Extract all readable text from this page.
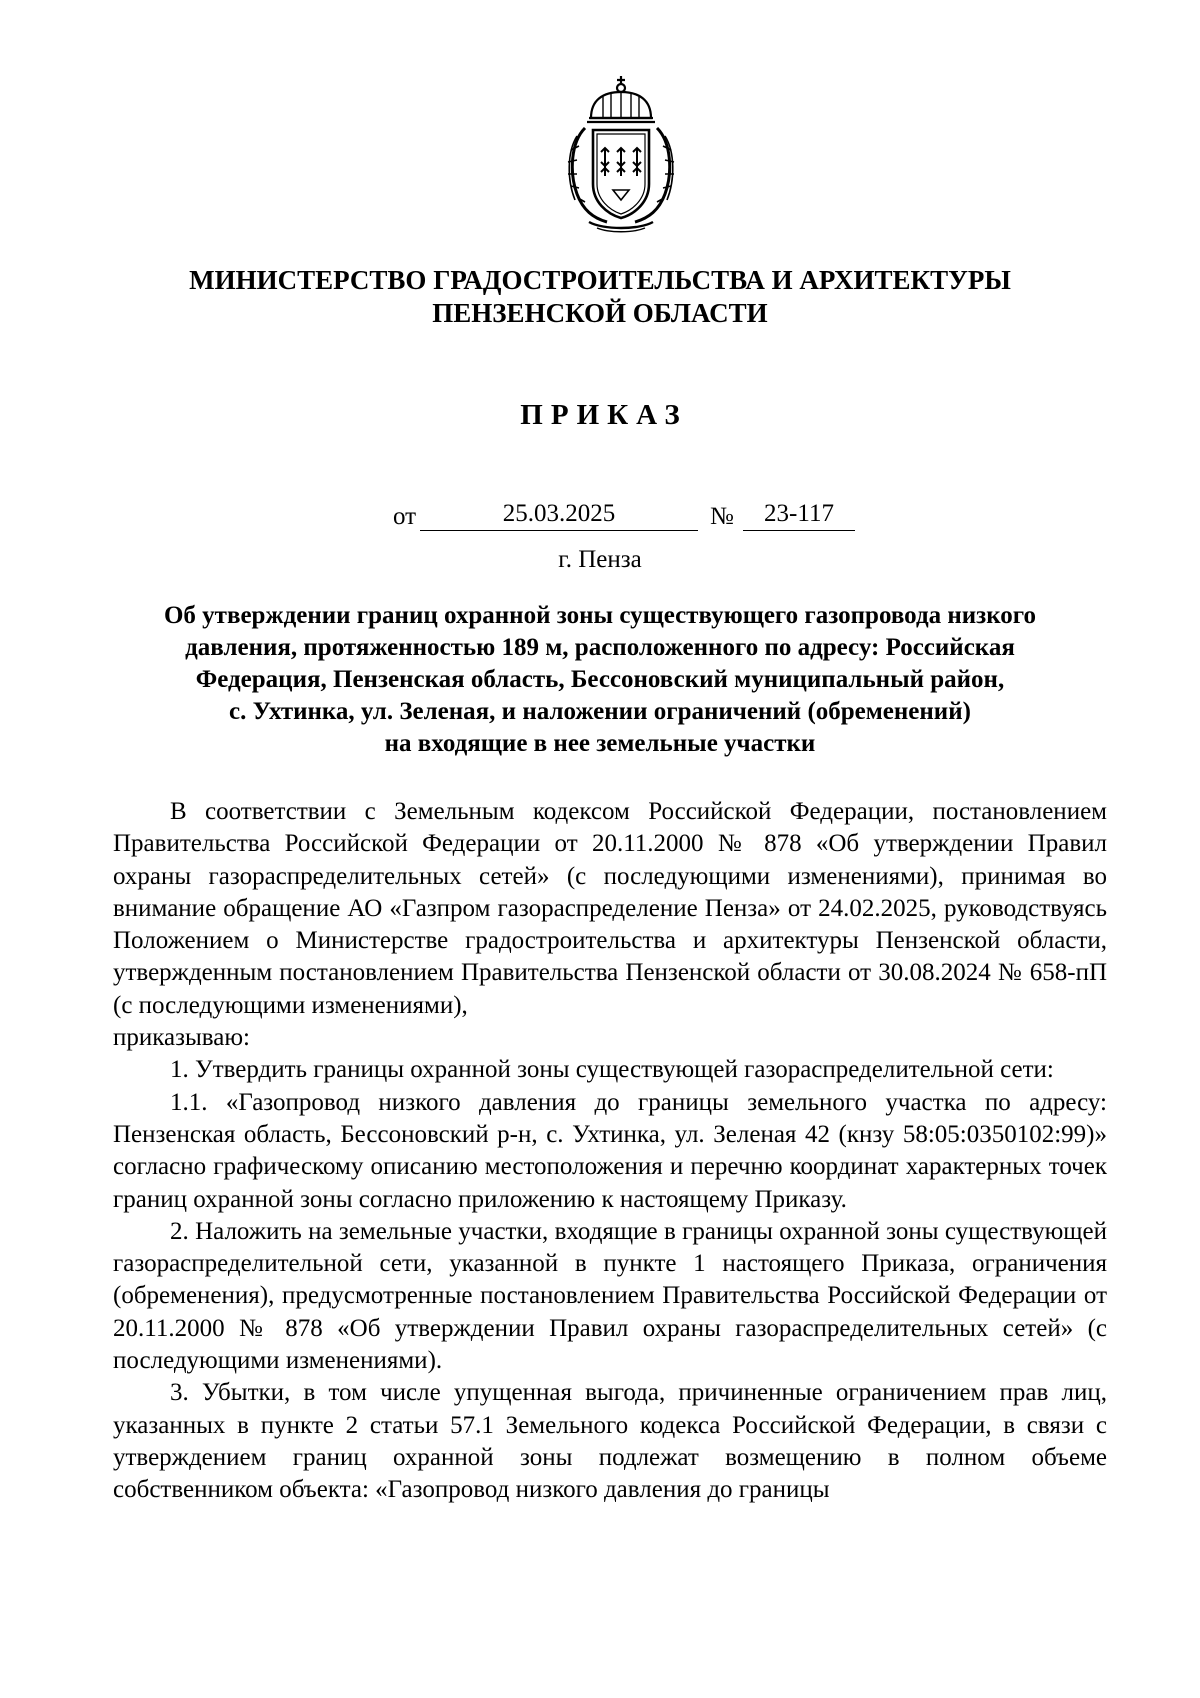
МИНИСТЕРСТВО ГРАДОСТРОИТЕЛЬСТВА И АРХИТЕКТУРЫ
ПЕНЗЕНСКОЙ ОБЛАСТИ
ПРИКАЗ
от	25.03.2025	№	23-117
г. Пенза
Об утверждении границ охранной зоны существующего газопровода низкого
давления, протяженностью 189 м, расположенного по адресу: Российская
Федерация, Пензенская область, Бессоновский муниципальный район,
с. Ухтинка, ул. Зеленая, и наложении ограничений (обременений)
на входящие в нее земельные участки

В соответствии с Земельным кодексом Российской Федерации, постановлением Правительства Российской Федерации от 20.11.2000 № 878 «Об утверждении Правил охраны газораспределительных сетей» (с последующими изменениями), принимая во внимание обращение АО «Газпром газораспределение Пенза» от 24.02.2025, руководствуясь Положением о Министерстве градостроительства и архитектуры Пензенской области, утвержденным постановлением Правительства Пензенской области от 30.08.2024 № 658-пП (с последующими изменениями),

приказываю:

1. Утвердить границы охранной зоны существующей газораспределительной сети:

1.1. «Газопровод низкого давления до границы земельного участка по адресу: Пензенская область, Бессоновский р-н, с. Ухтинка, ул. Зеленая 42 (кнзу 58:05:0350102:99)» согласно графическому описанию местоположения и перечню координат характерных точек границ охранной зоны согласно приложению к настоящему Приказу.

2. Наложить на земельные участки, входящие в границы охранной зоны существующей газораспределительной сети, указанной в пункте 1 настоящего Приказа, ограничения (обременения), предусмотренные постановлением Правительства Российской Федерации от 20.11.2000 № 878 «Об утверждении Правил охраны газораспределительных сетей» (с последующими изменениями).

3. Убытки, в том числе упущенная выгода, причиненные ограничением прав лиц, указанных в пункте 2 статьи 57.1 Земельного кодекса Российской Федерации, в связи с утверждением границ охранной зоны подлежат возмещению в полном объеме собственником объекта: «Газопровод низкого давления до границы
